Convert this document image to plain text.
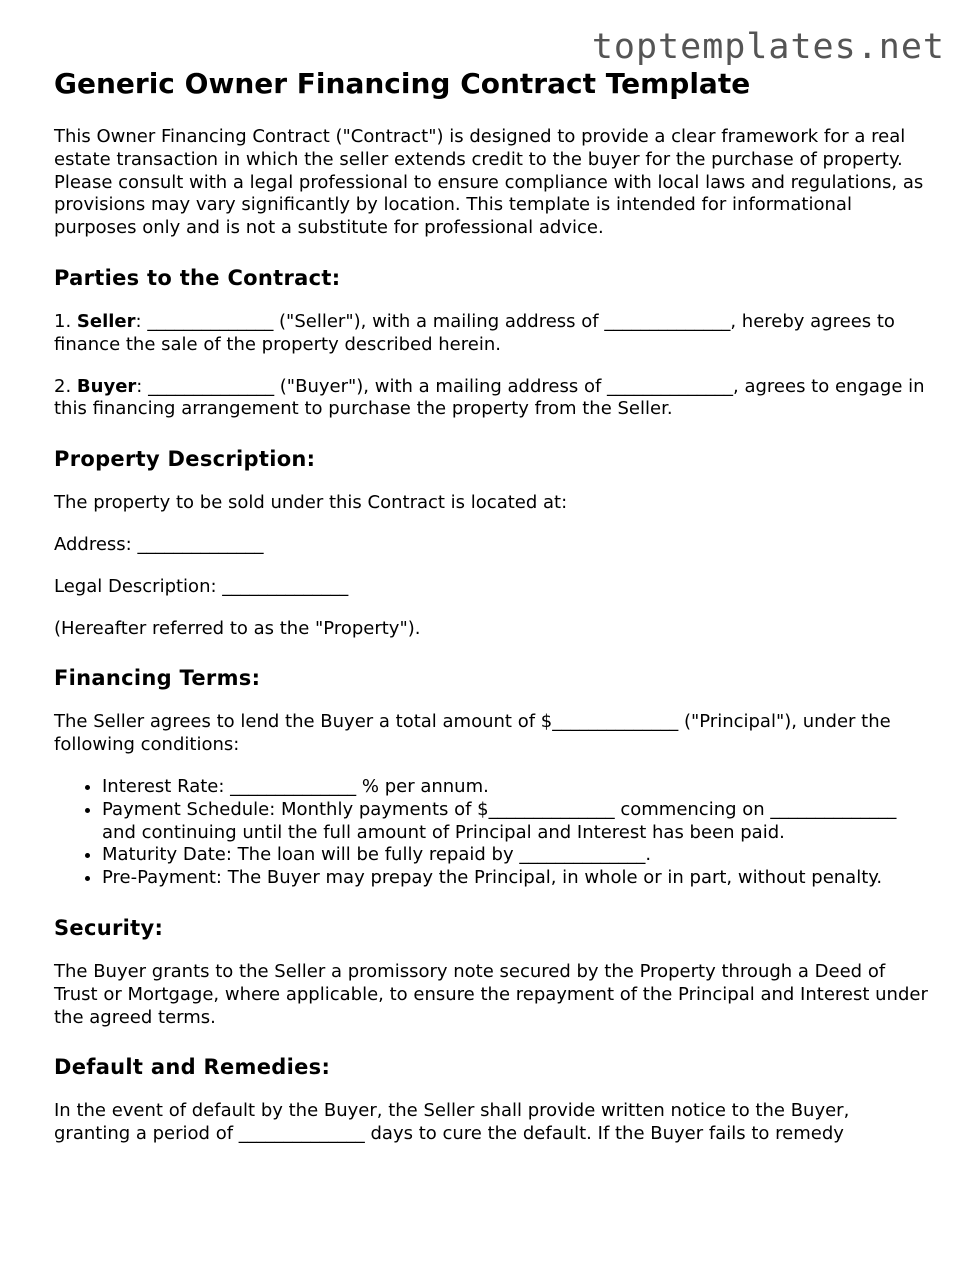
toptemplates.net
Generic Owner Financing Contract Template

This Owner Financing Contract ("Contract") is designed to provide a clear framework for a real estate transaction in which the seller extends credit to the buyer for the purchase of property. Please consult with a legal professional to ensure compliance with local laws and regulations, as provisions may vary significantly by location. This template is intended for informational purposes only and is not a substitute for professional advice.

Parties to the Contract:

1. Seller: ______________ ("Seller"), with a mailing address of ______________, hereby agrees to finance the sale of the property described herein.

2. Buyer: ______________ ("Buyer"), with a mailing address of ______________, agrees to engage in this financing arrangement to purchase the property from the Seller.

Property Description:

The property to be sold under this Contract is located at:

Address: ______________

Legal Description: ______________

(Hereafter referred to as the "Property").

Financing Terms:

The Seller agrees to lend the Buyer a total amount of $______________ ("Principal"), under the following conditions:

• Interest Rate: ______________ % per annum.
• Payment Schedule: Monthly payments of $______________ commencing on ______________ and continuing until the full amount of Principal and Interest has been paid.
• Maturity Date: The loan will be fully repaid by ______________.
• Pre-Payment: The Buyer may prepay the Principal, in whole or in part, without penalty.
Security:

The Buyer grants to the Seller a promissory note secured by the Property through a Deed of Trust or Mortgage, where applicable, to ensure the repayment of the Principal and Interest under the agreed terms.

Default and Remedies:

In the event of default by the Buyer, the Seller shall provide written notice to the Buyer, granting a period of ______________ days to cure the default. If the Buyer fails to remedy
